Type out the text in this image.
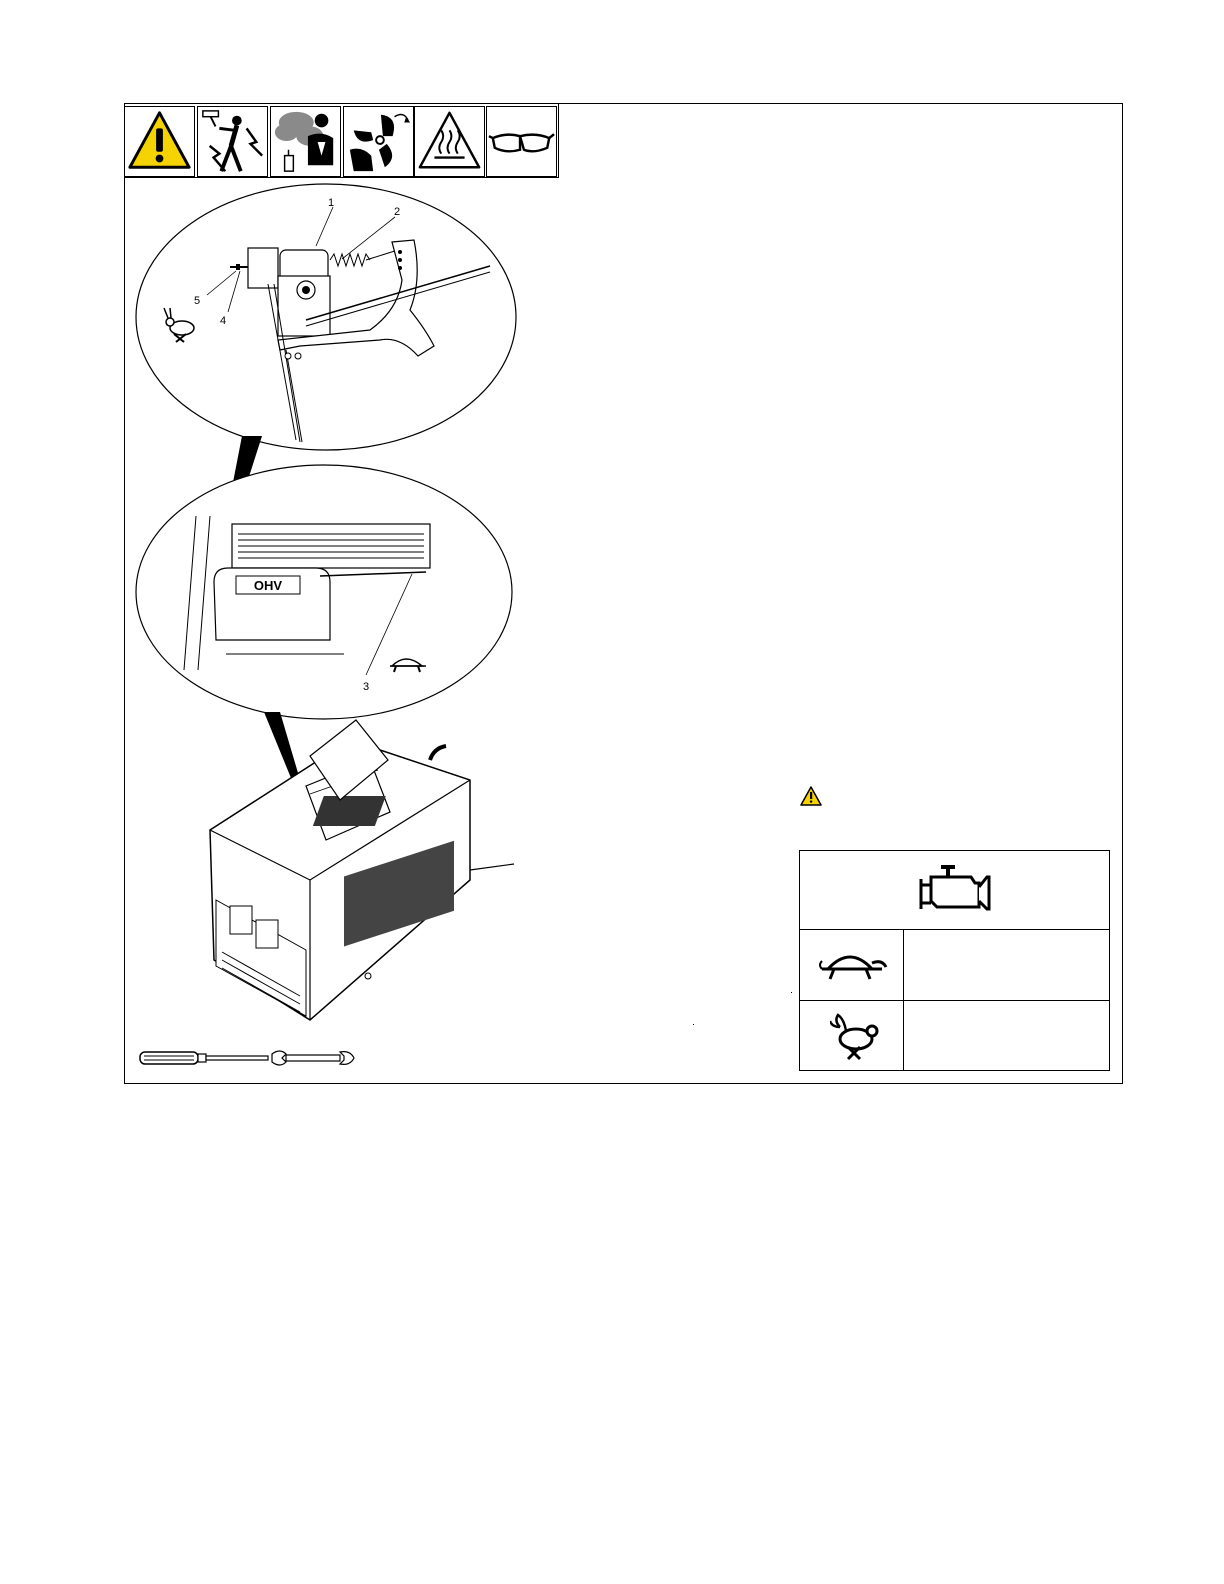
OHV
1
2
3
4
5
